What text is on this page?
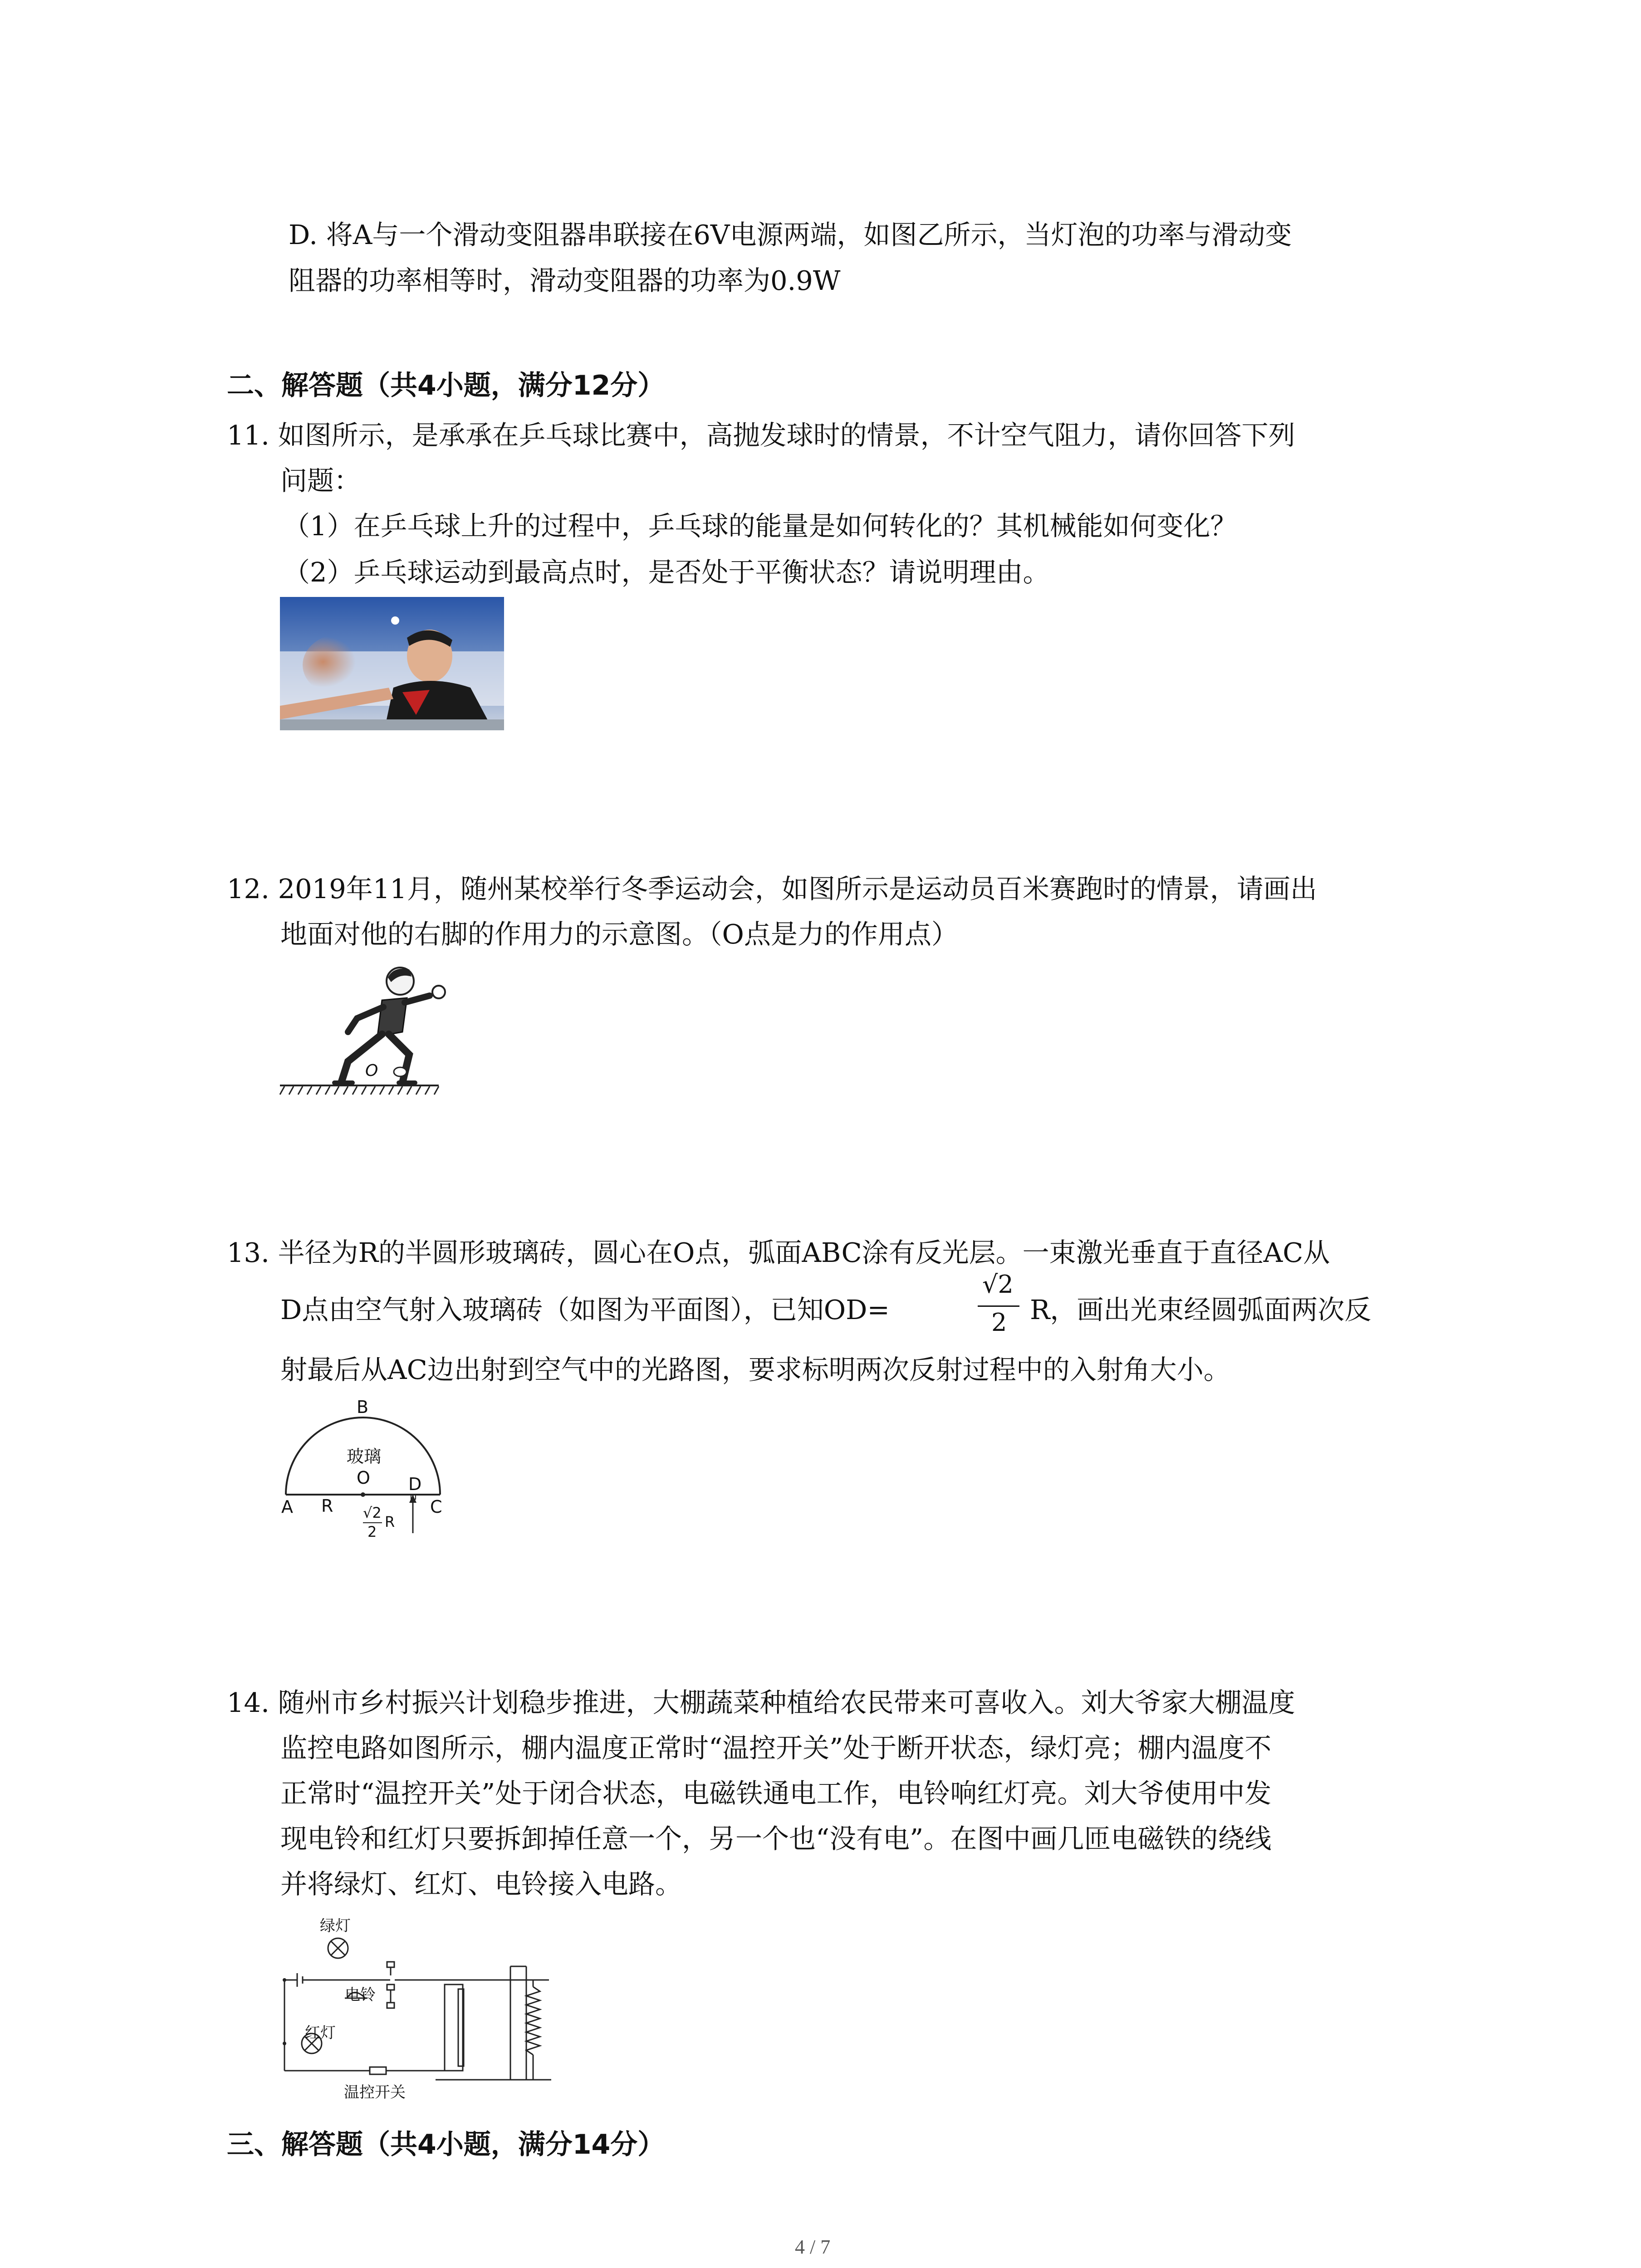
D. 将A与一个滑动变阻器串联接在6V电源两端，如图乙所示，当灯泡的功率与滑动变
阻器的功率相等时，滑动变阻器的功率为0.9W
二、解答题（共4小题，满分12分）
11. 如图所示，是承承在乒乓球比赛中，高抛发球时的情景，不计空气阻力，请你回答下列
问题：
（1）在乒乓球上升的过程中，乒乓球的能量是如何转化的？其机械能如何变化？
（2）乒乓球运动到最高点时，是否处于平衡状态？请说明理由。
12. 2019年11月，随州某校举行冬季运动会，如图所示是运动员百米赛跑时的情景，请画出
地面对他的右脚的作用力的示意图。（O点是力的作用点）
O
13. 半径为R的半圆形玻璃砖，圆心在O点，弧面ABC涂有反光层。一束激光垂直于直径AC从
D点由空气射入玻璃砖（如图为平面图），已知OD=
√2
2 R，画出光束经圆弧面两次反
射最后从AC边出射到空气中的光路图，要求标明两次反射过程中的入射角大小。
B
玻璃
O D
A R	C
√2
2
R
14. 随州市乡村振兴计划稳步推进，大棚蔬菜种植给农民带来可喜收入。刘大爷家大棚温度
监控电路如图所示，棚内温度正常时“温控开关”处于断开状态，绿灯亮；棚内温度不
正常时“温控开关”处于闭合状态，电磁铁通电工作，电铃响红灯亮。刘大爷使用中发
现电铃和红灯只要拆卸掉任意一个，另一个也“没有电”。在图中画几匝电磁铁的绕线
并将绿灯、红灯、电铃接入电路。
绿灯
电铃
红灯
温控开关
三、解答题（共4小题，满分14分）
4 / 7
